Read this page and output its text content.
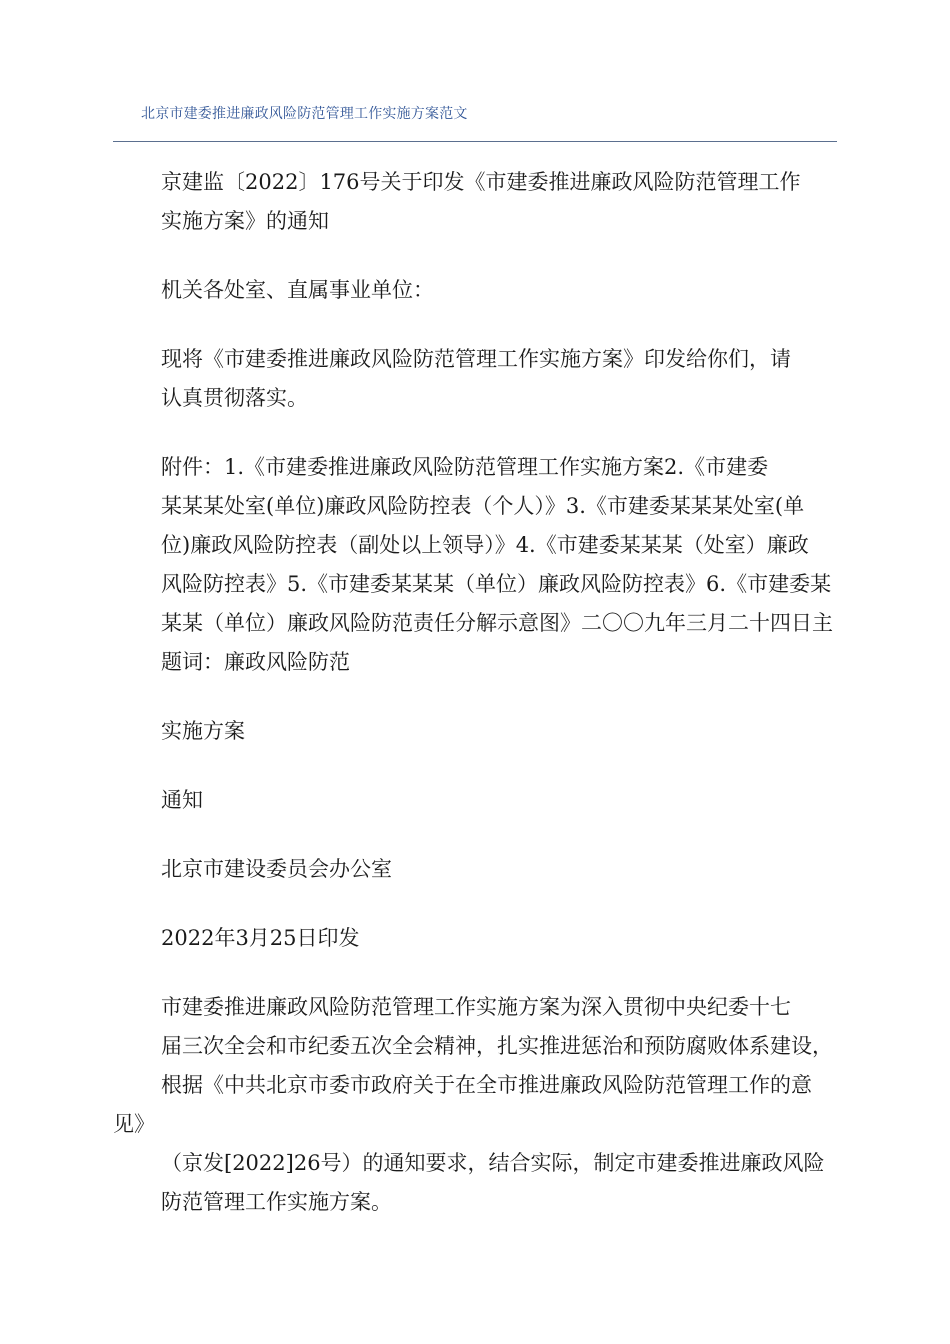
北京市建委推进廉政风险防范管理工作实施方案范文

京建监〔2022〕176号关于印发《市建委推进廉政风险防范管理工作
实施方案》的通知

机关各处室、直属事业单位：

现将《市建委推进廉政风险防范管理工作实施方案》印发给你们，请
认真贯彻落实。

附件：1.《市建委推进廉政风险防范管理工作实施方案2.《市建委
某某某处室(单位)廉政风险防控表（个人）》3.《市建委某某某处室(单
位)廉政风险防控表（副处以上领导）》4.《市建委某某某（处室）廉政
风险防控表》5.《市建委某某某（单位）廉政风险防控表》6.《市建委某
某某（单位）廉政风险防范责任分解示意图》二〇〇九年三月二十四日主
题词：廉政风险防范

实施方案

通知

北京市建设委员会办公室

2022年3月25日印发

市建委推进廉政风险防范管理工作实施方案为深入贯彻中央纪委十七
届三次全会和市纪委五次全会精神，扎实推进惩治和预防腐败体系建设，
根据《中共北京市委市政府关于在全市推进廉政风险防范管理工作的意见》
（京发[2022]26号）的通知要求，结合实际，制定市建委推进廉政风险
防范管理工作实施方案。
